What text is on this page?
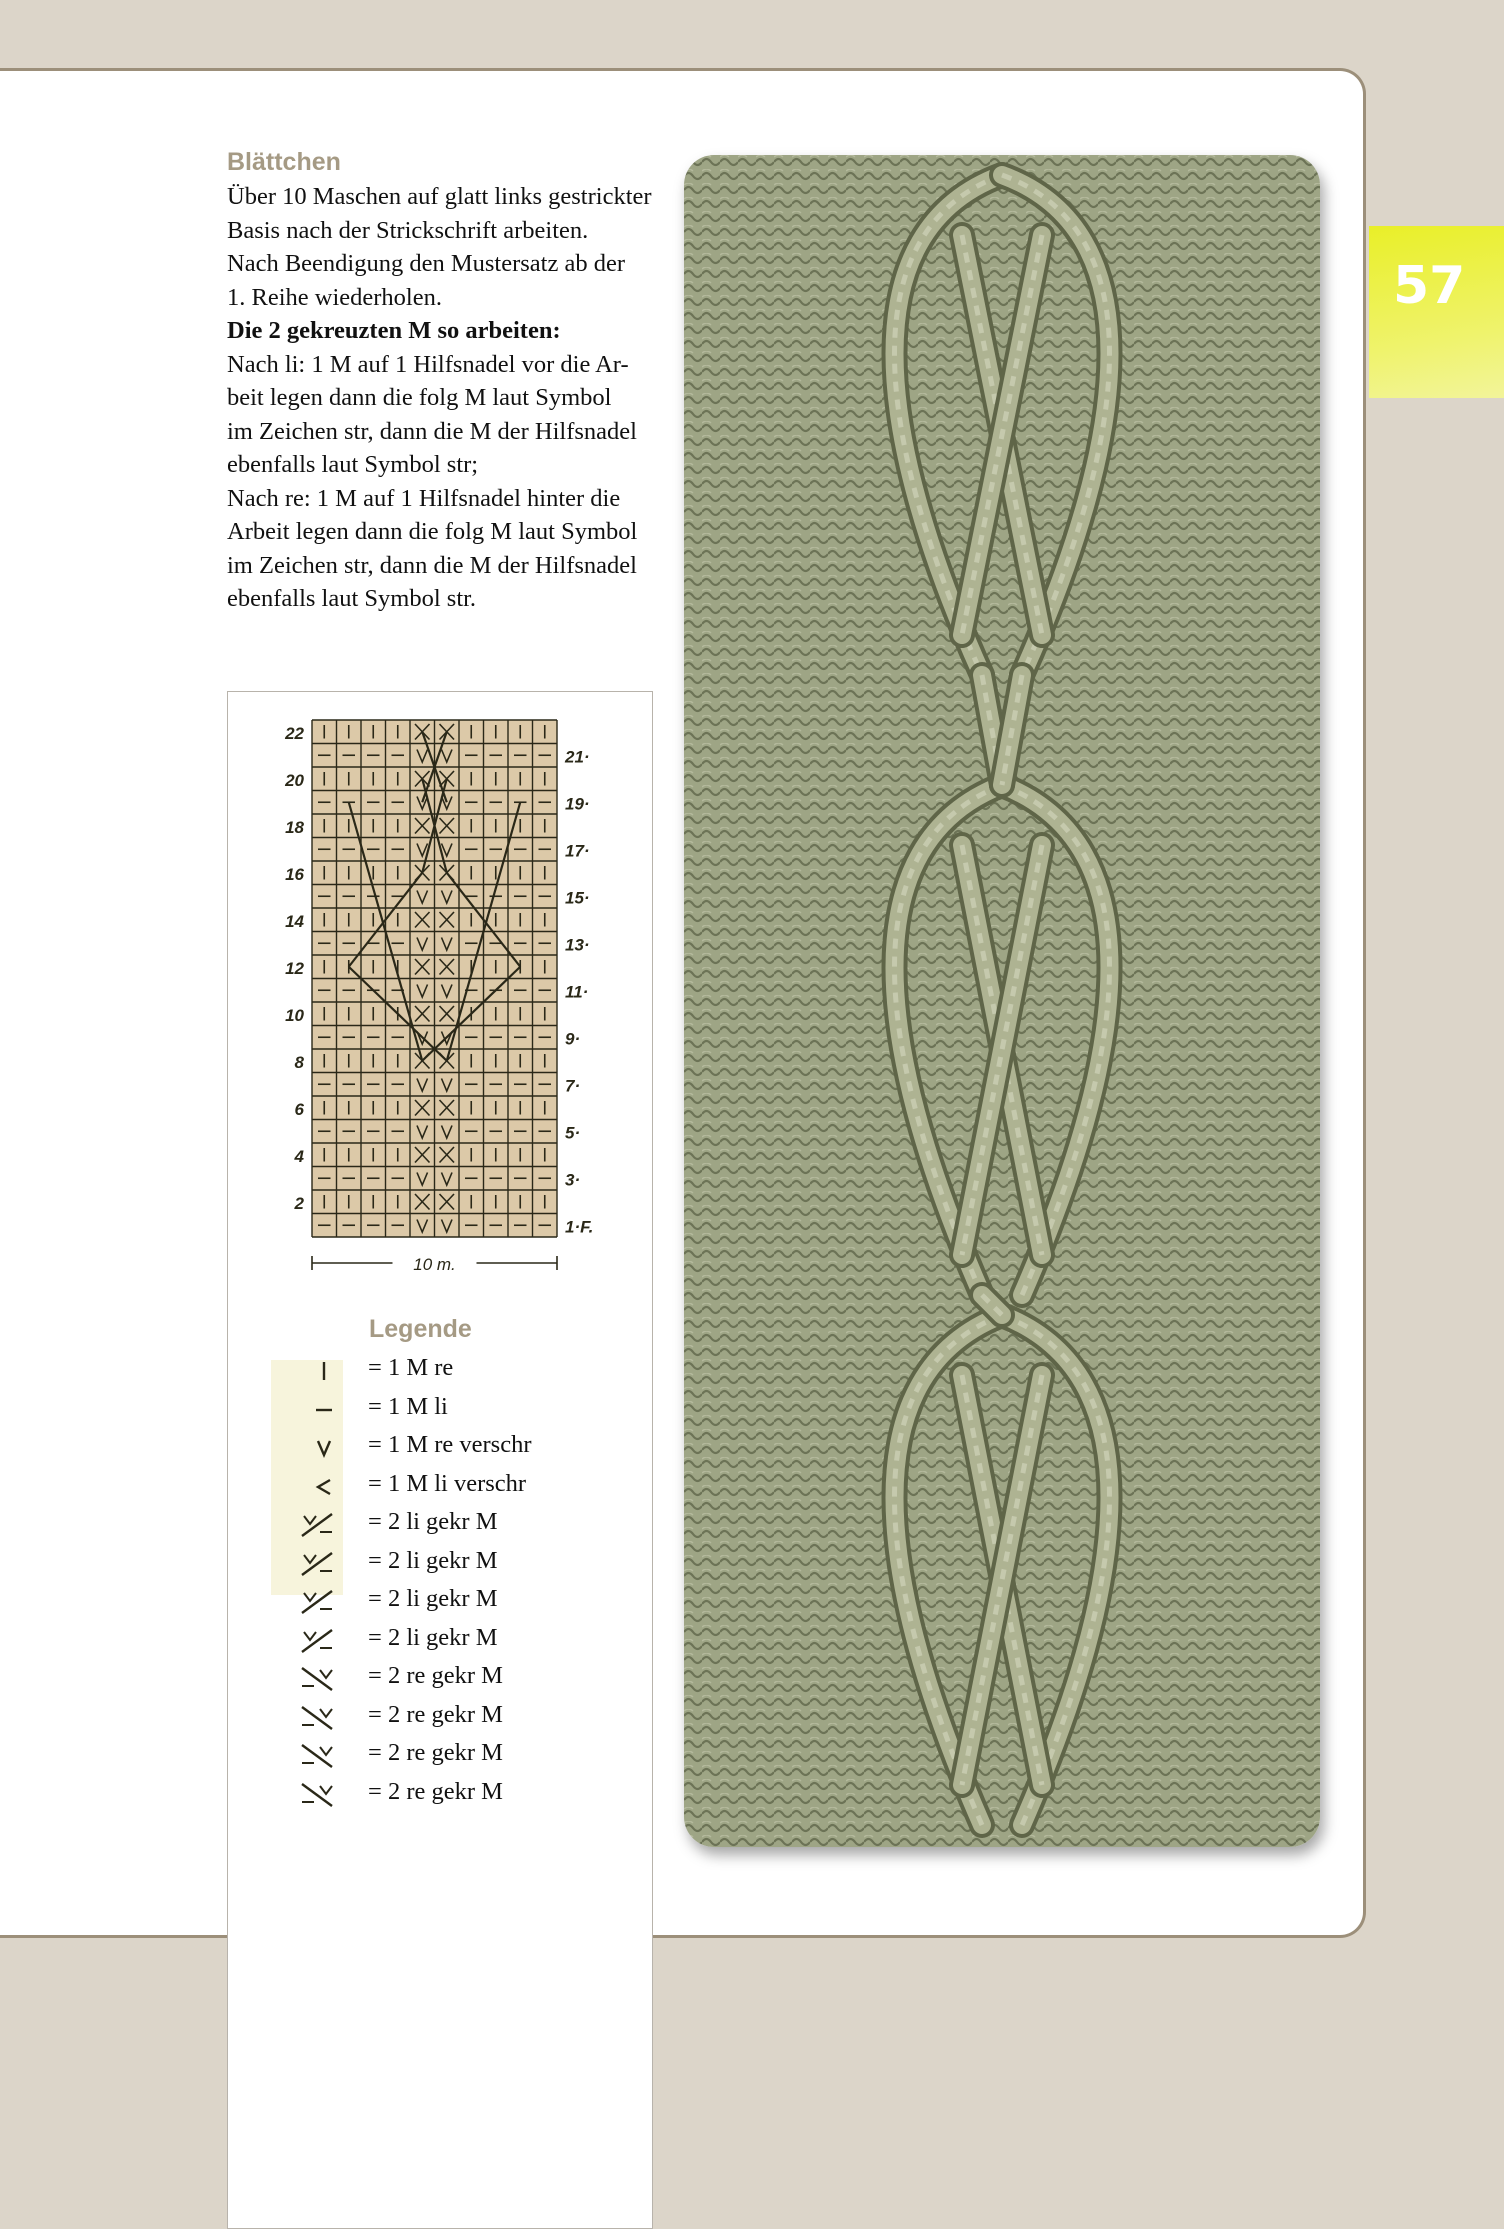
57
Blättchen

Über 10 Maschen auf glatt links gestrickter

Basis nach der Strickschrift arbeiten.

Nach Beendigung den Mustersatz ab der

1. Reihe wiederholen.

Die 2 gekreuzten M so arbeiten:

Nach li: 1 M auf 1 Hilfsnadel vor die Ar-

beit legen dann die folg M laut Symbol

im Zeichen str, dann die M der Hilfsnadel

ebenfalls laut Symbol str;

Nach re: 1 M auf 1 Hilfsnadel hinter die

Arbeit legen dann die folg M laut Symbol

im Zeichen str, dann die M der Hilfsnadel

ebenfalls laut Symbol str.

22
20
18
16
14
12
10
8
6
4
2
21·
19·
17·
15·
13·
11·
9·
7·
5·
3·
1·F.
10 m.
Legende
= 1 M re
= 1 M li
= 1 M re verschr
= 1 M li verschr
= 2 li gekr M
= 2 li gekr M
= 2 li gekr M
= 2 li gekr M
= 2 re gekr M
= 2 re gekr M
= 2 re gekr M
= 2 re gekr M
